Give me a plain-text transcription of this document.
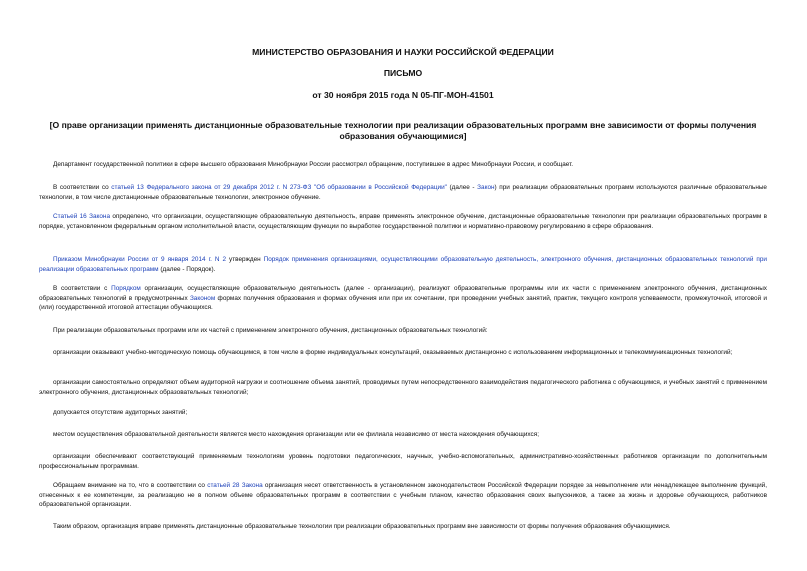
МИНИСТЕРСТВО ОБРАЗОВАНИЯ И НАУКИ РОССИЙСКОЙ ФЕДЕРАЦИИ
ПИСЬМО
от 30 ноября 2015 года N 05-ПГ-МОН-41501
[О праве организации применять дистанционные образовательные технологии при реализации образовательных программ вне зависимости от формы получения образования обучающимися]
Департамент государственной политики в сфере высшего образования Минобрнауки России рассмотрел обращение, поступившее в адрес Минобрнауки России, и сообщает.
В соответствии со статьей 13 Федерального закона от 29 декабря 2012 г. N 273-ФЗ "Об образовании в Российской Федерации" (далее - Закон) при реализации образовательных программ используются различные образовательные технологии, в том числе дистанционные образовательные технологии, электронное обучение.
Статьей 16 Закона определено, что организации, осуществляющие образовательную деятельность, вправе применять электронное обучение, дистанционные образовательные технологии при реализации образовательных программ в порядке, установленном федеральным органом исполнительной власти, осуществляющим функции по выработке государственной политики и нормативно-правовому регулированию в сфере образования.
Приказом Минобрнауки России от 9 января 2014 г. N 2 утвержден Порядок применения организациями, осуществляющими образовательную деятельность, электронного обучения, дистанционных образовательных технологий при реализации образовательных программ (далее - Порядок).
В соответствии с Порядком организации, осуществляющие образовательную деятельность (далее - организации), реализуют образовательные программы или их части с применением электронного обучения, дистанционных образовательных технологий в предусмотренных Законом формах получения образования и формах обучения или при их сочетании, при проведении учебных занятий, практик, текущего контроля успеваемости, промежуточной, итоговой и (или) государственной итоговой аттестации обучающихся.
При реализации образовательных программ или их частей с применением электронного обучения, дистанционных образовательных технологий:
организации оказывают учебно-методическую помощь обучающимся, в том числе в форме индивидуальных консультаций, оказываемых дистанционно с использованием информационных и телекоммуникационных технологий;
организации самостоятельно определяют объем аудиторной нагрузки и соотношение объема занятий, проводимых путем непосредственного взаимодействия педагогического работника с обучающимся, и учебных занятий с применением электронного обучения, дистанционных образовательных технологий;
допускается отсутствие аудиторных занятий;
местом осуществления образовательной деятельности является место нахождения организации или ее филиала независимо от места нахождения обучающихся;
организации обеспечивают соответствующий применяемым технологиям уровень подготовки педагогических, научных, учебно-вспомогательных, административно-хозяйственных работников организации по дополнительным профессиональным программам.
Обращаем внимание на то, что в соответствии со статьей 28 Закона организация несет ответственность в установленном законодательством Российской Федерации порядке за невыполнение или ненадлежащее выполнение функций, отнесенных к ее компетенции, за реализацию не в полном объеме образовательных программ в соответствии с учебным планом, качество образования своих выпускников, а также за жизнь и здоровье обучающихся, работников образовательной организации.
Таким образом, организация вправе применять дистанционные образовательные технологии при реализации образовательных программ вне зависимости от формы получения образования обучающимися.
